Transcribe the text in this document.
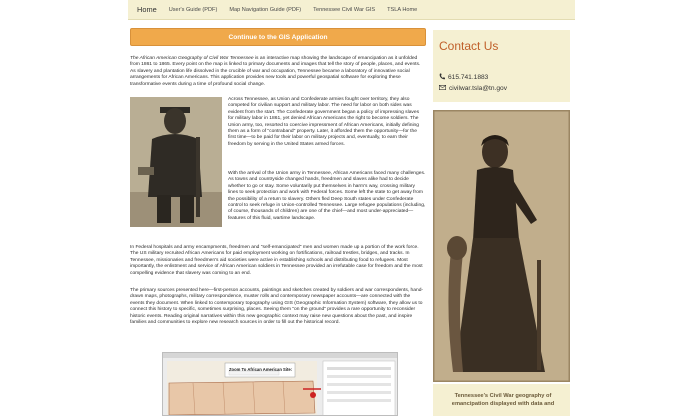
Home User's Guide (PDF) Map Navigation Guide (PDF) Tennessee Civil War GIS TSLA Home
Continue to the GIS Application
The African American Geography of Civil War Tennessee is an interactive map showing the landscape of emancipation as it unfolded from 1861 to 1865. Every point on the map is linked to primary documents and images that tell the story of people, places, and events. As slavery and plantation life dissolved in the crucible of war and occupation, Tennessee became a laboratory of innovative social arrangements for African Americans. This application provides new tools and powerful geospatial software for exploring these transformative events during a time of profound social change.
Across Tennessee, as Union and Confederate armies fought over territory, they also competed for civilian support and military labor. The need for labor on both sides was evident from the start. The Confederate government began a policy of impressing slaves for military labor in 1861, yet denied African Americans the right to become soldiers. The Union army, too, resorted to coercive impressment of African Americans, initially defining them as a form of "contraband" property. Later, it afforded them the opportunity—for the first time—to be paid for their labor on military projects and, eventually, to earn their freedom by serving in the United States armed forces.
With the arrival of the Union army in Tennessee, African Americans faced many challenges. As towns and countryside changed hands, freedmen and slaves alike had to decide whether to go or stay. Some voluntarily put themselves in harm's way, crossing military lines to seek protection and work with Federal forces. Some left the state to get away from the possibility of a return to slavery. Others fled Deep South states under Confederate control to seek refuge in Union-controlled Tennessee. Large refugee populations (including, of course, thousands of children) are one of the chief—and most under-appreciated—features of this fluid, wartime landscape.
In Federal hospitals and army encampments, freedmen and "self-emancipated" men and women made up a portion of the work force. The US military recruited African Americans for paid employment working on fortifications, railroad trestles, bridges, and tracks. In Tennessee, missionaries and freedmen's aid societies were active in establishing schools and distributing food to refugees. Most importantly, the enlistment and service of African American soldiers in Tennessee provided an irrefutable case for freedom and the most compelling evidence that slavery was coming to an end.
The primary sources presented here—first-person accounts, paintings and sketches created by soldiers and war correspondents, hand-drawn maps, photographs, military correspondence, muster rolls and contemporary newspaper accounts—are connected with the events they document. When linked to contemporary topography using GIS (Geographic Information System) software, they allow us to connect this history to specific, sometimes surprising, places. Seeing them "on the ground" provides a rare opportunity to reconsider historic events. Reading original narratives within this new geographic context may raise new questions about the past, and inspire families and communities to explore new research sources in order to fill out the historical record.
Zoom To African American Site:
Contact Us
615.741.1883
civilwar.tsla@tn.gov
Tennessee's Civil War geography of emancipation displayed with data and
